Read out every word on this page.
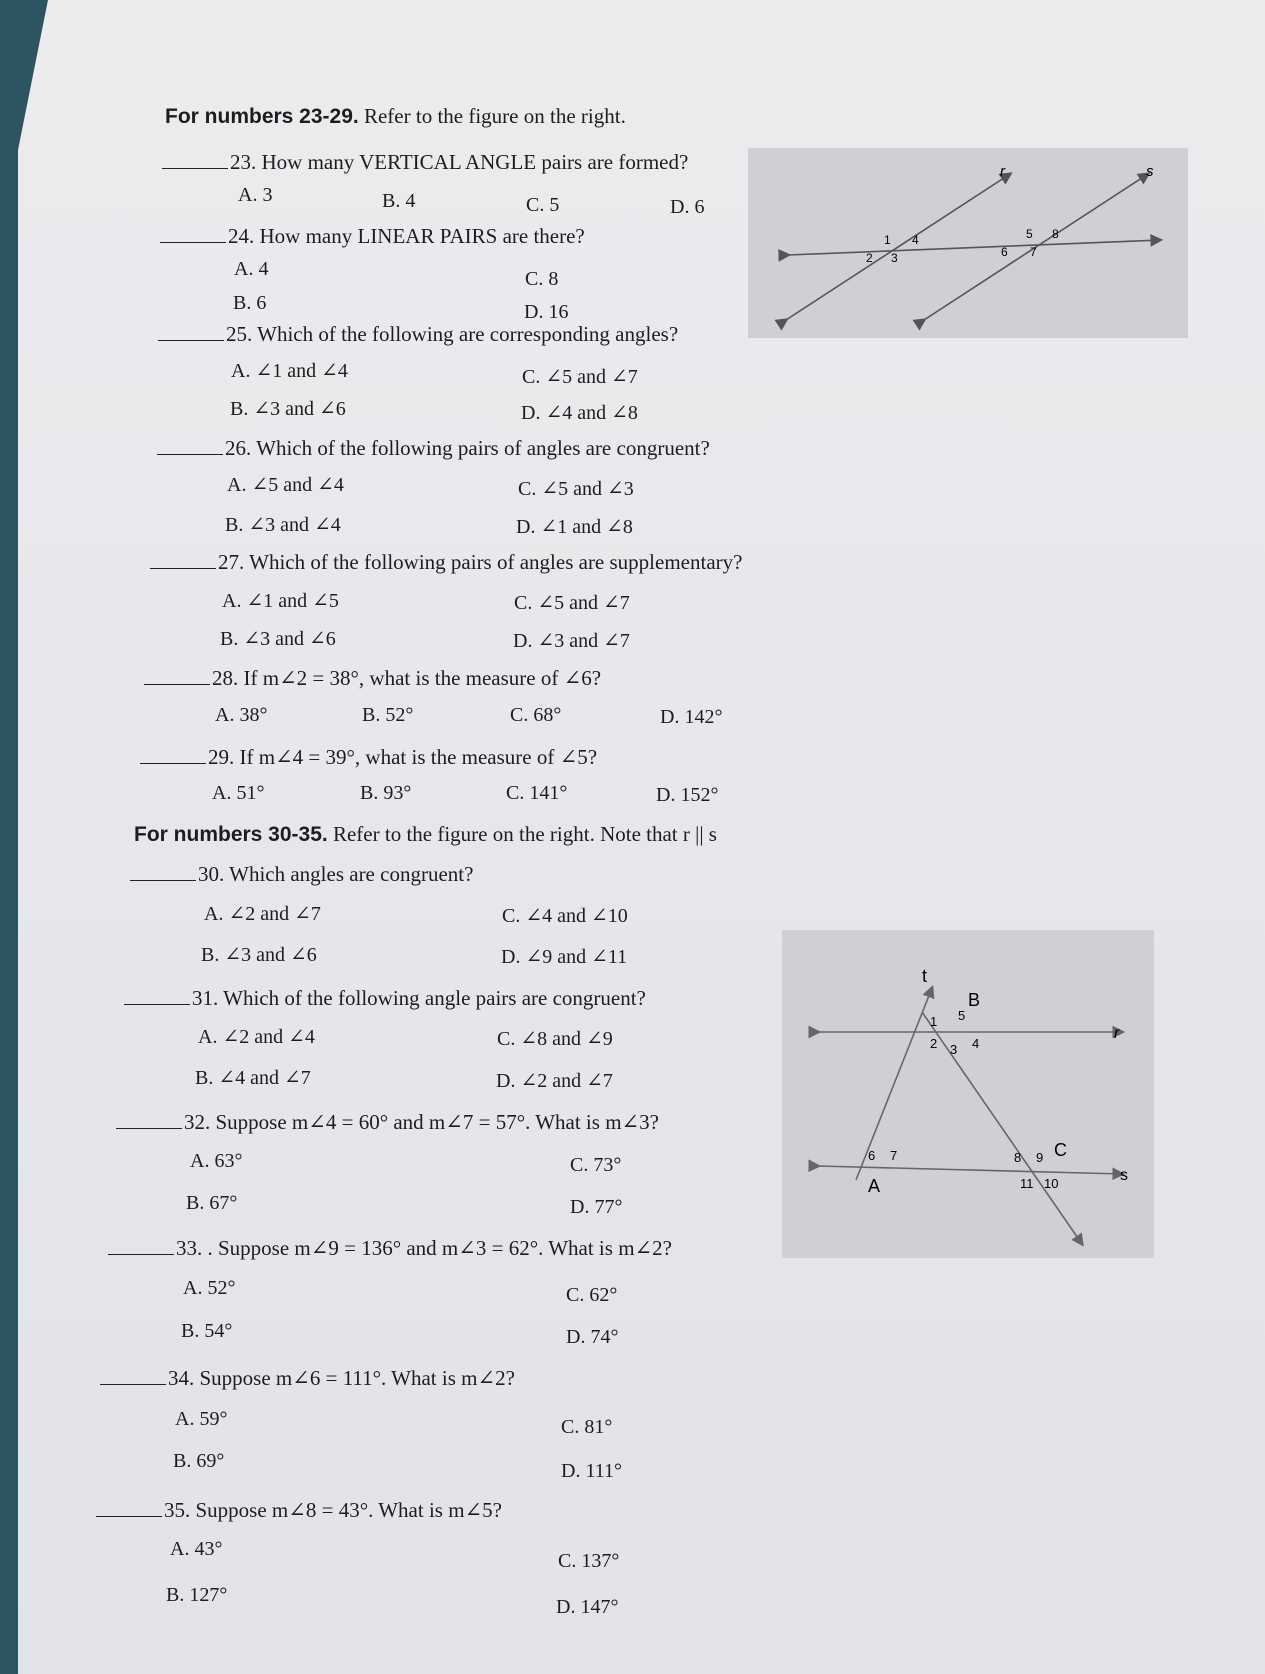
For numbers 23-29. Refer to the figure on the right.
23. How many VERTICAL ANGLE pairs are formed?
A. 3	B. 4	C. 5	D. 6
24. How many LINEAR PAIRS are there?
A. 4
B. 6
C. 8
D. 16
25. Which of the following are corresponding angles?
A. ∠1 and ∠4
B. ∠3 and ∠6
C. ∠5 and ∠7
D. ∠4 and ∠8
26. Which of the following pairs of angles are congruent?
A. ∠5 and ∠4
B. ∠3 and ∠4
C. ∠5 and ∠3
D. ∠1 and ∠8
27. Which of the following pairs of angles are supplementary?
A. ∠1 and ∠5
B. ∠3 and ∠6
C. ∠5 and ∠7
D. ∠3 and ∠7
28. If m∠2 = 38°, what is the measure of ∠6?
A. 38°	B. 52°	C. 68°	D. 142°
29. If m∠4 = 39°, what is the measure of ∠5?
A. 51°	B. 93°	C. 141°	D. 152°
For numbers 30-35. Refer to the figure on the right. Note that r || s
30. Which angles are congruent?
A. ∠2 and ∠7
B. ∠3 and ∠6
C. ∠4 and ∠10
D. ∠9 and ∠11
31. Which of the following angle pairs are congruent?
A. ∠2 and ∠4
B. ∠4 and ∠7
C. ∠8 and ∠9
D. ∠2 and ∠7
32. Suppose m∠4 = 60° and m∠7 = 57°. What is m∠3?
A. 63°
B. 67°
C. 73°
D. 77°
33. . Suppose m∠9 = 136° and m∠3 = 62°. What is m∠2?
A. 52°
B. 54°
C. 62°
D. 74°
34. Suppose m∠6 = 111°. What is m∠2?
A. 59°
B. 69°
C. 81°
D. 111°
35. Suppose m∠8 = 43°. What is m∠5?
A. 43°
B. 127°
C. 137°
D. 147°
r	s
1
2 3
4	5
6 7
8
t
r
s
B
A
C
1 5
2 3 4
6 7	8 9
11 10
